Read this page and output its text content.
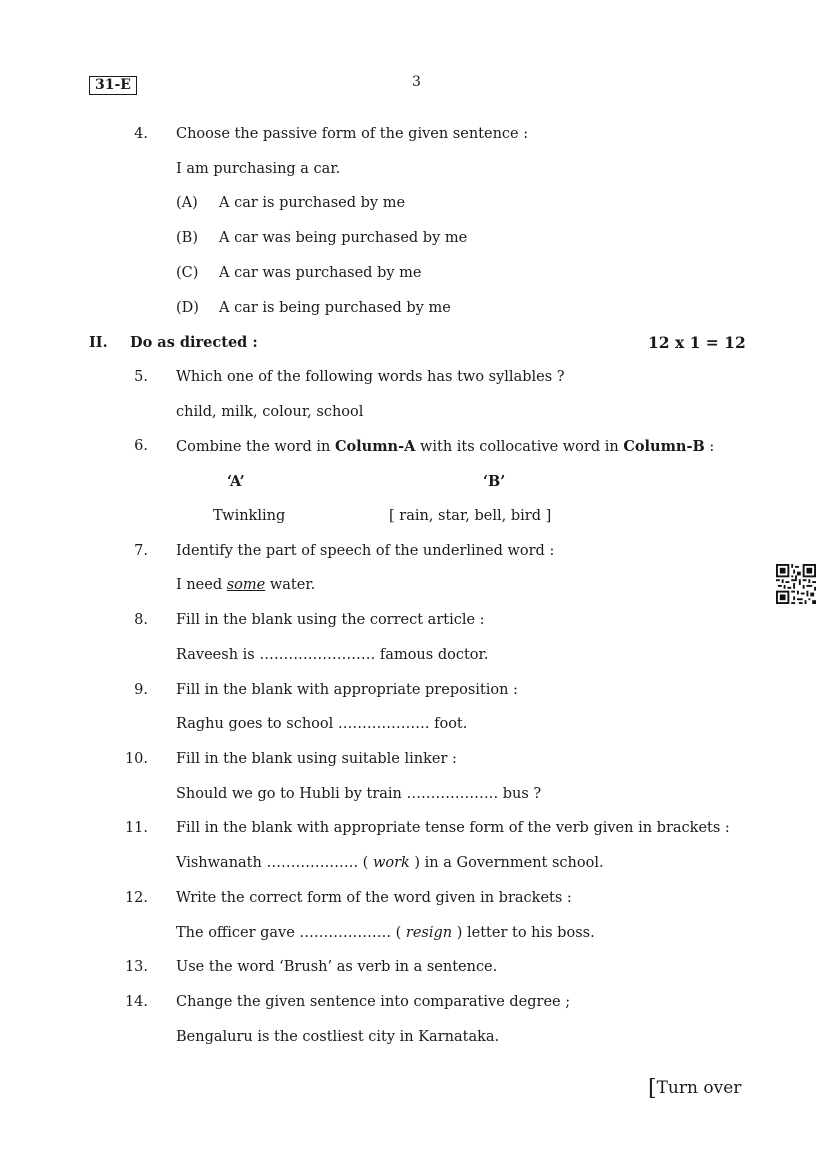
31-E	3
4. Choose the passive form of the given sentence :
I am purchasing a car.
(A) A car is purchased by me
(B) A car was being purchased by me
(C) A car was purchased by me
(D) A car is being purchased by me
II. Do as directed :	12 x 1 = 12
5. Which one of the following words has two syllables ?
child, milk, colour, school
6. Combine the word in Column-A with its collocative word in Column-B :
‘A’	‘B’
Twinkling	[ rain, star, bell, bird ]
7. Identify the part of speech of the underlined word :
I need some water.
8. Fill in the blank using the correct article :
Raveesh is …………………… famous doctor.
9. Fill in the blank with appropriate preposition :
Raghu goes to school ………………. foot.
10. Fill in the blank using suitable linker :
Should we go to Hubli by train ………………. bus ?
11. Fill in the blank with appropriate tense form of the verb given in brackets :
Vishwanath ………………. ( work ) in a Government school.
12. Write the correct form of the word given in brackets :
The officer gave ………………. ( resign ) letter to his boss.
13. Use the word ‘Brush’ as verb in a sentence.
14. Change the given sentence into comparative degree ;
Bengaluru is the costliest city in Karnataka.
[Turn over
